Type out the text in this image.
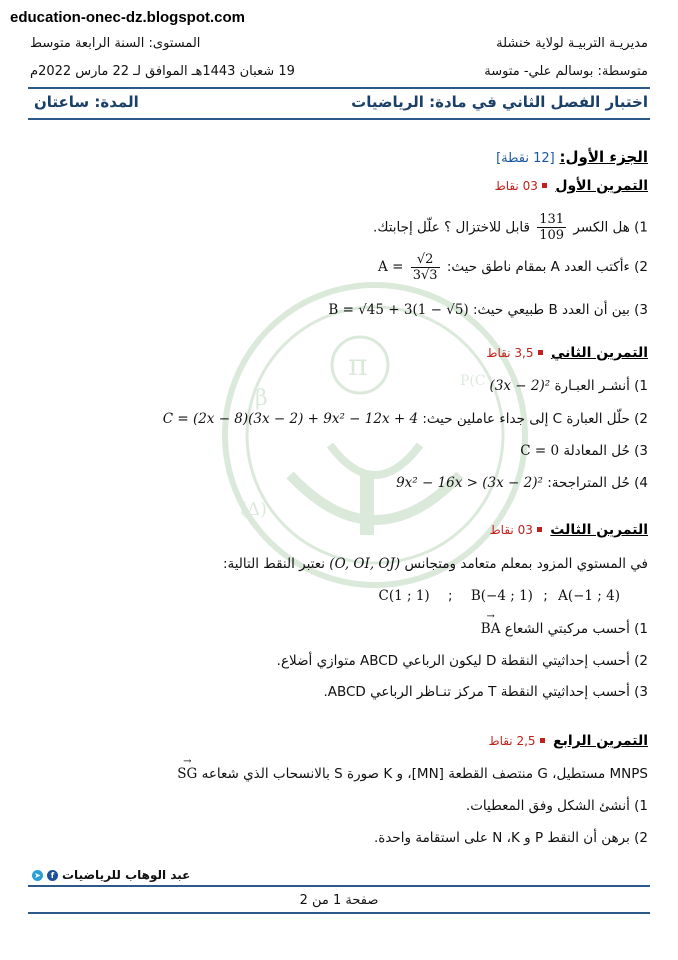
education-onec-dz.blogspot.com
مديريـة التربيـة لولاية خنشلة
المستوى: السنة الرابعة متوسط
متوسطة: بوسالم علي- متوسة
19 شعبان 1443هـ الموافق لـ 22 مارس 2022م
اختبار الفصل الثاني في مادة: الرياضيات
المدة: ساعتان
π
β
(Δ)
P(C
الجزء الأول: [12 نقطة]
التمرين الأول 03 نقاط
1) هل الكسر
$\frac{131}{109}$
قابل للاختزال ؟ علّل إجابتك.
2) ءأكتب العدد A بمقام ناطق حيث: $A = \frac{√2}{3√3}$
3) بين أن العدد B طبيعي حيث: B = √45 + 3(1 − √5)
التمرين الثاني 3,5 نقاط
1) أنشـر العبـارة (3x − 2)²
2) حلّل العبارة C إلى جداء عاملين حيث: C = (2x − 8)(3x − 2) + 9x² − 12x + 4
3) حُل المعادلة C = 0
4) حُل المتراجحة: 9x² − 16x > (3x − 2)²
التمرين الثالث 03 نقاط
في المستوي المزود بمعلم متعامد ومتجانس (O, OI, OJ) نعتبر النقط التالية:
A(−1 ; 4) ; B(−4 ; 1) ; C(1 ; 1)
1) أحسب مركبتي الشعاع → BA
2) أحسب إحداثيتي النقطة D ليكون الرباعي ABCD متوازي أضلاع.
3) أحسب إحداثيتي النقطة T مركز تنـاظر الرباعي ABCD.
التمرين الرابع 2,5 نقاط
MNPS مستطيل، G منتصف القطعة [MN]، و K صورة S بالانسحاب الذي شعاعه → SG
1) أنشئ الشكل وفق المعطيات.
2) برهن أن النقط P و N ،K على استقامة واحدة.
عبد الوهاب للرياضيات
f
➤
صفحة 1 من 2
